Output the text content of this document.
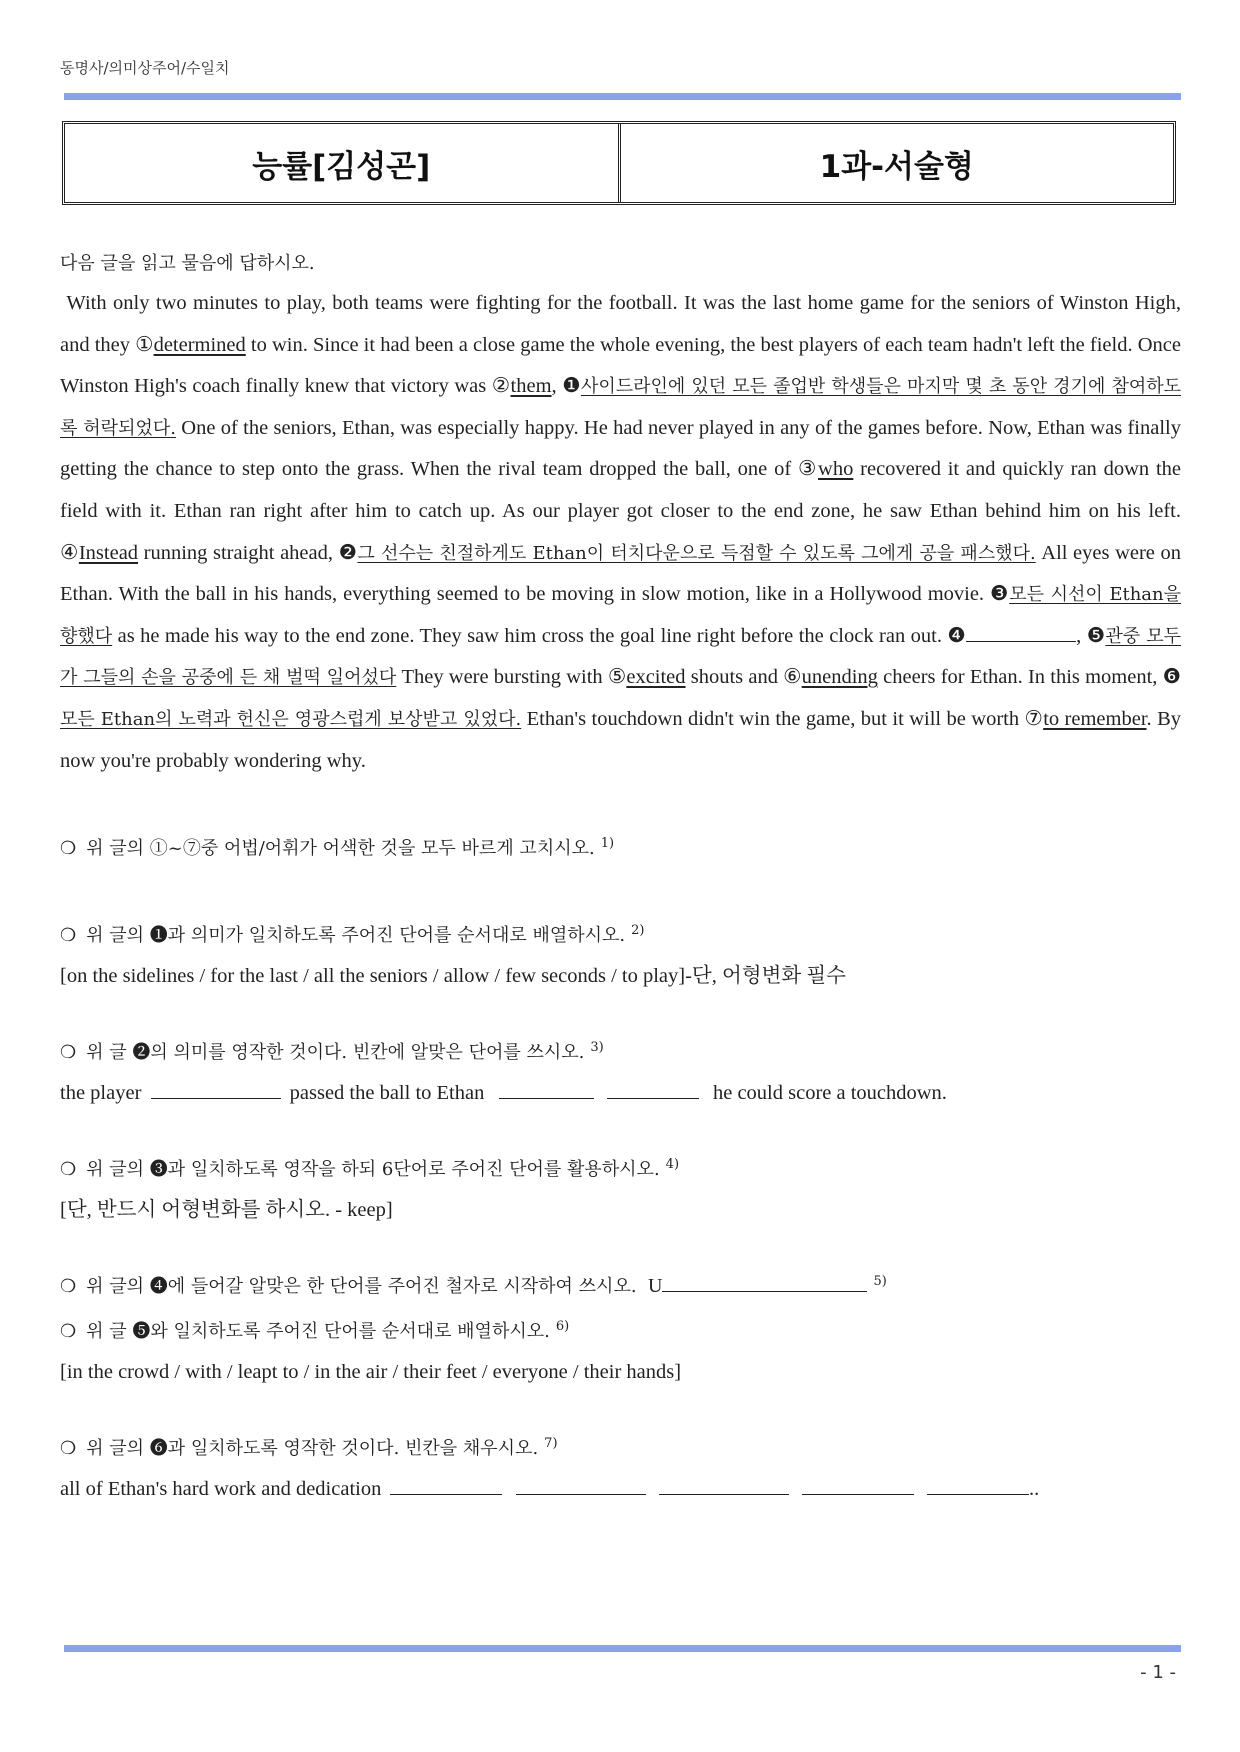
동명사/의미상주어/수일치
능률[김성곤]	1과-서술형

다음 글을 읽고 물음에 답하시오.

With only two minutes to play, both teams were fighting for the football. It was the last home game for the seniors of Winston High, and they ①determined to win. Since it had been a close game the whole evening, the best players of each team hadn't left the field. Once Winston High's coach finally knew that victory was ②them, ❶사이드라인에 있던 모든 졸업반 학생들은 마지막 몇 초 동안 경기에 참여하도록 허락되었다. One of the seniors, Ethan, was especially happy. He had never played in any of the games before. Now, Ethan was finally getting the chance to step onto the grass. When the rival team dropped the ball, one of ③who recovered it and quickly ran down the field with it. Ethan ran right after him to catch up. As our player got closer to the end zone, he saw Ethan behind him on his left. ④Instead running straight ahead, ❷그 선수는 친절하게도 Ethan이 터치다운으로 득점할 수 있도록 그에게 공을 패스했다. All eyes were on Ethan. With the ball in his hands, everything seemed to be moving in slow motion, like in a Hollywood movie. ❸모든 시선이 Ethan을 향했다 as he made his way to the end zone. They saw him cross the goal line right before the clock ran out. ❹	, ❺관중 모두가 그들의 손을 공중에 든 채 벌떡 일어섰다 They were bursting with ⑤excited shouts and ⑥unending cheers for Ethan. In this moment, ❻모든 Ethan의 노력과 헌신은 영광스럽게 보상받고 있었다. Ethan's touchdown didn't win the game, but it will be worth ⑦to remember. By now you're probably wondering why.

❍ 위 글의 ①~⑦중 어법/어휘가 어색한 것을 모두 바르게 고치시오. $^{1)}$
❍ 위 글의 ❶과 의미가 일치하도록 주어진 단어를 순서대로 배열하시오. $^{2)}$
[on the sidelines / for the last / all the seniors / allow / few seconds / to play]-단, 어형변화 필수
❍ 위 글 ❷의 의미를 영작한 것이다. 빈칸에 알맞은 단어를 쓰시오. $^{3)}$
the player	passed the ball to Ethan	he could score a touchdown.
❍ 위 글의 ❸과 일치하도록 영작을 하되 6단어로 주어진 단어를 활용하시오. $^{4)}$
[단, 반드시 어형변화를 하시오. - keep]
❍ 위 글의 ❹에 들어갈 알맞은 한 단어를 주어진 철자로 시작하여 쓰시오. U	$^{5)}$
❍ 위 글 ❺와 일치하도록 주어진 단어를 순서대로 배열하시오. $^{6)}$
[in the crowd / with / leapt to / in the air / their feet / everyone / their hands]
❍ 위 글의 ❻과 일치하도록 영작한 것이다. 빈칸을 채우시오. $^{7)}$
all of Ethan's hard work and dedication	..
- 1 -
